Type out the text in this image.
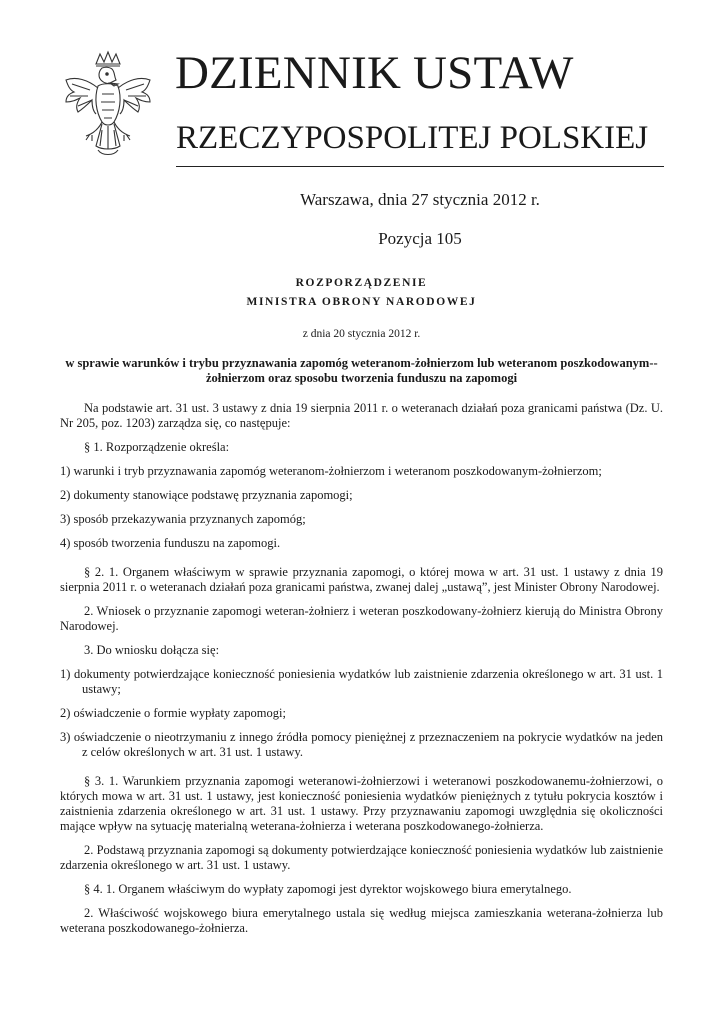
DZIENNIK USTAW
RZECZYPOSPOLITEJ POLSKIEJ
Warszawa, dnia 27 stycznia 2012 r.
Pozycja 105

ROZPORZĄDZENIE

MINISTRA OBRONY NARODOWEJ

z dnia 20 stycznia 2012 r.

w sprawie warunków i trybu przyznawania zapomóg weteranom-żołnierzom lub weteranom poszkodowanym--żołnierzom oraz sposobu tworzenia funduszu na zapomogi

Na podstawie art. 31 ust. 3 ustawy z dnia 19 sierpnia 2011 r. o weteranach działań poza granicami państwa (Dz. U. Nr 205, poz. 1203) zarządza się, co następuje:

§ 1. Rozporządzenie określa:

1) warunki i tryb przyznawania zapomóg weteranom-żołnierzom i weteranom poszkodowanym-żołnierzom;

2) dokumenty stanowiące podstawę przyznania zapomogi;

3) sposób przekazywania przyznanych zapomóg;

4) sposób tworzenia funduszu na zapomogi.

§ 2. 1. Organem właściwym w sprawie przyznania zapomogi, o której mowa w art. 31 ust. 1 ustawy z dnia 19 sierpnia 2011 r. o weteranach działań poza granicami państwa, zwanej dalej „ustawą”, jest Minister Obrony Narodowej.

2. Wniosek o przyznanie zapomogi weteran-żołnierz i weteran poszkodowany-żołnierz kierują do Ministra Obrony Narodowej.

3. Do wniosku dołącza się:

1) dokumenty potwierdzające konieczność poniesienia wydatków lub zaistnienie zdarzenia określonego w art. 31 ust. 1 ustawy;

2) oświadczenie o formie wypłaty zapomogi;

3) oświadczenie o nieotrzymaniu z innego źródła pomocy pieniężnej z przeznaczeniem na pokrycie wydatków na jeden z celów określonych w art. 31 ust. 1 ustawy.

§ 3. 1. Warunkiem przyznania zapomogi weteranowi-żołnierzowi i weteranowi poszkodowanemu-żołnierzowi, o których mowa w art. 31 ust. 1 ustawy, jest konieczność poniesienia wydatków pieniężnych z tytułu pokrycia kosztów i zaistnienia zdarzenia określonego w art. 31 ust. 1 ustawy. Przy przyznawaniu zapomogi uwzględnia się okoliczności mające wpływ na sytuację materialną weterana-żołnierza i weterana poszkodowanego-żołnierza.

2. Podstawą przyznania zapomogi są dokumenty potwierdzające konieczność poniesienia wydatków lub zaistnienie zdarzenia określonego w art. 31 ust. 1 ustawy.

§ 4. 1. Organem właściwym do wypłaty zapomogi jest dyrektor wojskowego biura emerytalnego.

2. Właściwość wojskowego biura emerytalnego ustala się według miejsca zamieszkania weterana-żołnierza lub weterana poszkodowanego-żołnierza.
